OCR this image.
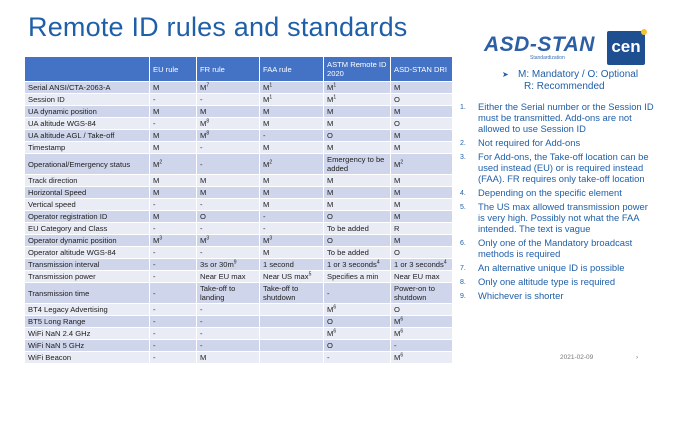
Remote ID rules and standards
ASD-STAN
Standardization
cen
	EU rule	FR rule	FAA rule	ASTM Remote ID 2020	ASD-STAN DRI
Serial ANSI/CTA-2063-A	M	$M^7$	$M^1$	$M^1$	M
Session ID	-	-	$M^1$	$M^1$	O
UA dynamic position	M	M	M	M	M
UA altitude WGS-84	-	$M^8$	M	M	O
UA altitude AGL / Take-off	M	$M^8$	-	O	M
Timestamp	M	-	M	M	M
Operational/Emergency status	$M^2$	-	$M^2$	Emergency to be added	$M^2$
Track direction	M	M	M	M	M
Horizontal Speed	M	M	M	M	M
Vertical speed	-	-	M	M	M
Operator registration ID	M	O	-	O	M
EU Category and Class	-	-	-	To be added	R
Operator dynamic position	$M^3$	$M^3$	$M^3$	O	M
Operator altitude WGS-84	-	-	M	To be added	O
Transmission interval	-	3s or $30m^9$	1 second	1 or 3 seconds$^4$	1 or 3 seconds$^4$
Transmission power	-	Near EU max	Near US $\max^5$	Specifies a min	Near EU max
Transmission time	-	Take-off to landing	Take-off to shutdown	-	Power-on to shutdown
BT4 Legacy Advertising	-	-		$M^6$	O
BT5 Long Range	-	-		O	$M^6$
WiFi NaN 2.4 GHz	-	-		$M^6$	$M^6$
WiFi NaN 5 GHz	-	-		O	-
WiFi Beacon	-	M		-	$M^6$
➤ M: Mandatory / O: Optional
R: Recommended
1. Either the Serial number or the Session ID must be transmitted. Add-ons are not allowed to use Session ID
2. Not required for Add-ons
3. For Add-ons, the Take-off location can be used instead (EU) or is required instead (FAA). FR requires only take-off location
4. Depending on the specific element
5. The US max allowed transmission power is very high. Possibly not what the FAA intended. The text is vague
6. Only one of the Mandatory broadcast methods is required
7. An alternative unique ID is possible
8. Only one altitude type is required
9. Whichever is shorter
2021-02-09	›
